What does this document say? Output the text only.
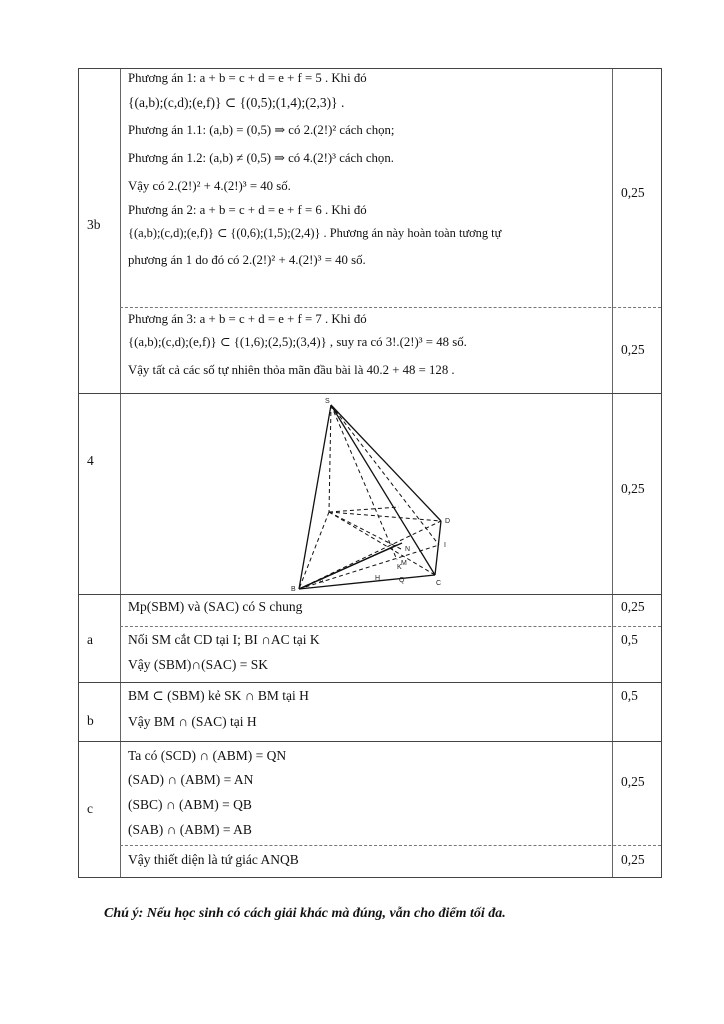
3b
Phương án 1: a + b = c + d = e + f = 5 . Khi đó
{(a,b);(c,d);(e,f)} ⊂ {(0,5);(1,4);(2,3)} .
Phương án 1.1: (a,b) = (0,5) ⇒ có 2.(2!)² cách chọn;
Phương án 1.2: (a,b) ≠ (0,5) ⇒ có 4.(2!)³ cách chọn.
Vậy có 2.(2!)² + 4.(2!)³ = 40 số.
Phương án 2: a + b = c + d = e + f = 6 . Khi đó
{(a,b);(c,d);(e,f)} ⊂ {(0,6);(1,5);(2,4)} . Phương án này hoàn toàn tương tự
phương án 1 do đó có 2.(2!)² + 4.(2!)³ = 40 số.
Phương án 3: a + b = c + d = e + f = 7 . Khi đó
{(a,b);(c,d);(e,f)} ⊂ {(1,6);(2,5);(3,4)} , suy ra có 3!.(2!)³ = 48 số.
Vậy tất cả các số tự nhiên thỏa mãn đầu bài là 40.2 + 48 = 128 .
0,25
0,25
4
0,25
S
N
M
A	H	Q
D
I
K
B
C
a
Mp(SBM) và (SAC) có S chung
Nối SM cắt CD tại I; BI ∩AC tại K
Vậy (SBM)∩(SAC) = SK
0,25
0,5
b
BM ⊂ (SBM) kẻ SK ∩ BM tại H
Vậy BM ∩ (SAC) tại H
0,5
c
Ta có (SCD) ∩ (ABM) = QN
(SAD) ∩ (ABM) = AN
(SBC) ∩ (ABM) = QB
(SAB) ∩ (ABM) = AB
Vậy thiết diện là tứ giác ANQB
0,25
0,25
Chú ý: Nếu học sinh có cách giải khác mà đúng, vẫn cho điểm tối đa.
